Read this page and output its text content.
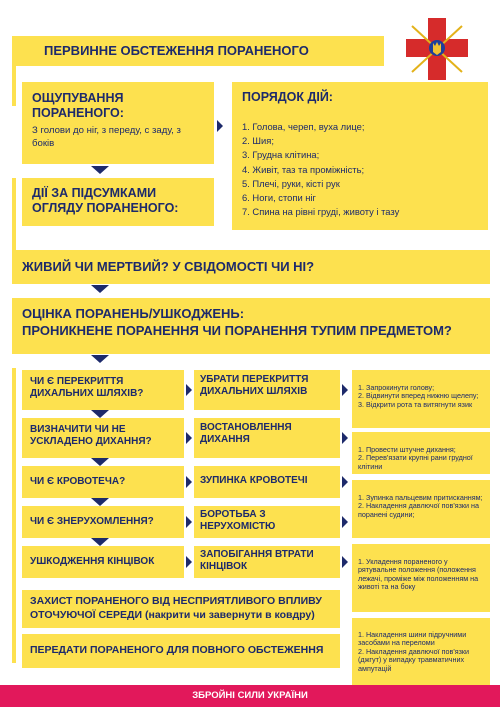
ПЕРВИННЕ ОБСТЕЖЕННЯ ПОРАНЕНОГО
ОЩУПУВАННЯ ПОРАНЕНОГО:
З голови до ніг, з переду, с заду, з боків
ПОРЯДОК ДІЙ:
1. Голова, череп, вуха лице;
2. Шия;
3. Грудна клітина;
4. Живіт, таз та проміжність;
5. Плечі, руки, кісті рук
6. Ноги, стопи ніг
7. Спина на рівні груді, животу і тазу
ДІЇ ЗА ПІДСУМКАМИ ОГЛЯДУ ПОРАНЕНОГО:
ЖИВИЙ ЧИ МЕРТВИЙ? У СВІДОМОСТІ ЧИ НІ?
ОЦІНКА ПОРАНЕНЬ/УШКОДЖЕНЬ:
ПРОНИКНЕНЕ ПОРАНЕННЯ ЧИ ПОРАНЕННЯ ТУПИМ ПРЕДМЕТОМ?
ЧИ Є ПЕРЕКРИТТЯ ДИХАЛЬНИХ ШЛЯХІВ?
ВИЗНАЧИТИ ЧИ НЕ УСКЛАДЕНО ДИХАННЯ?
ЧИ Є КРОВОТЕЧА?
ЧИ Є ЗНЕРУХОМЛЕННЯ?
УШКОДЖЕННЯ КІНЦІВОК
УБРАТИ ПЕРЕКРИТТЯ ДИХАЛЬНИХ ШЛЯХІВ
ВОСТАНОВЛЕННЯ ДИХАННЯ
ЗУПИНКА КРОВОТЕЧІ
БОРОТЬБА З НЕРУХОМІСТЮ
ЗАПОБІГАННЯ ВТРАТИ КІНЦІВОК

1. Запрокинути голову;
2. Відвинути вперед нижню щелепу;
3. Відкрити рота та витягнути язик

1. Провести штучне дихання;
2. Перев'язати крупні рани грудної клітини

1. Зупинка пальцевим притисканням;
2. Накладення давлючої пов'язки на поранені судини;

1. Укладення пораненого у рятувальне положення (положення лежачі, проміже між положенням на животі та на боку

1. Накладення шини підручними засобами на переломи
2. Накладення давлючої пов'язки (джгут) у випадку травматичних ампутацій

ЗАХИСТ ПОРАНЕНОГО ВІД НЕСПРИЯТЛИВОГО ВПЛИВУ ОТОЧУЮЧОЇ СЕРЕДИ (накрити чи завернути в ковдру)
ПЕРЕДАТИ ПОРАНЕНОГО ДЛЯ ПОВНОГО ОБСТЕЖЕННЯ
ЗБРОЙНІ СИЛИ УКРАЇНИ
